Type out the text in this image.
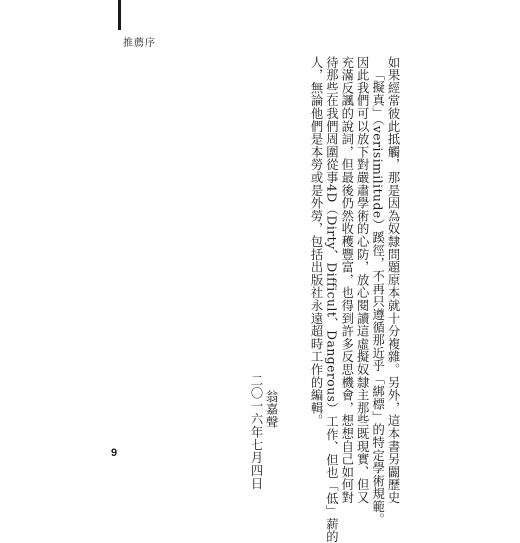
推薦序
如果經常彼此抵觸，那是因為奴隸問題原本就十分複雜。另外，這本書另闢歷史
「擬真」（verisimilitude）蹊徑，不再只遵循那近乎「綁標」的特定學術規範。
因此我們可以放下對嚴肅學術的心防，放心閱讀這虛擬奴隸主那些既現實、但又
充滿反諷的說詞，但最後仍然收穫豐富，也得到許多反思機會，想想自己如何對
待那些在我們周圍從事4D（Dirty、Difficult、Dangerous）工作、但也「低」薪的
人，無論他們是本勞或是外勞，包括出版社永遠超時工作的編輯。
翁嘉聲
二〇一六年七月四日
9
